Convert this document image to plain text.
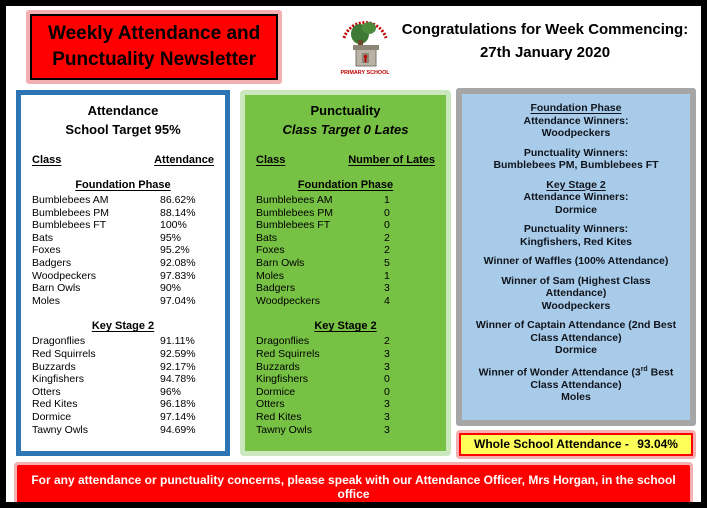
Weekly Attendance and
Punctuality Newsletter
PRIMARY SCHOOL
Congratulations for Week Commencing:
27th January 2020
Attendance
School Target 95%
Class	Attendance
Foundation Phase
Bumblebees AM	86.62%
Bumblebees PM	88.14%
Bumblebees FT	100%
Bats	95%
Foxes	95.2%
Badgers	92.08%
Woodpeckers	97.83%
Barn Owls	90%
Moles	97.04%
Key Stage 2
Dragonflies	91.11%
Red Squirrels	92.59%
Buzzards	92.17%
Kingfishers	94.78%
Otters	96%
Red Kites	96.18%
Dormice	97.14%
Tawny Owls	94.69%
Punctuality
Class Target 0 Lates
Class	Number of Lates
Foundation Phase
Bumblebees AM	1
Bumblebees PM	0
Bumblebees FT	0
Bats	2
Foxes	2
Barn Owls	5
Moles	1
Badgers	3
Woodpeckers	4
Key Stage 2
Dragonflies	2
Red Squirrels	3
Buzzards	3
Kingfishers	0
Dormice	0
Otters	3
Red Kites	3
Tawny Owls	3
Foundation Phase
Attendance Winners:
Woodpeckers
Punctuality Winners:
Bumblebees PM, Bumblebees FT
Key Stage 2
Attendance Winners:
Dormice
Punctuality Winners:
Kingfishers, Red Kites
Winner of Waffles (100% Attendance)
Winner of Sam (Highest Class Attendance)
Woodpeckers
Winner of Captain Attendance (2nd Best Class Attendance)
Dormice
Winner of Wonder Attendance (3rd Best Class Attendance)
Moles
Whole School Attendance - 93.04%
For any attendance or punctuality concerns, please speak with our Attendance Officer, Mrs Horgan, in the school office
